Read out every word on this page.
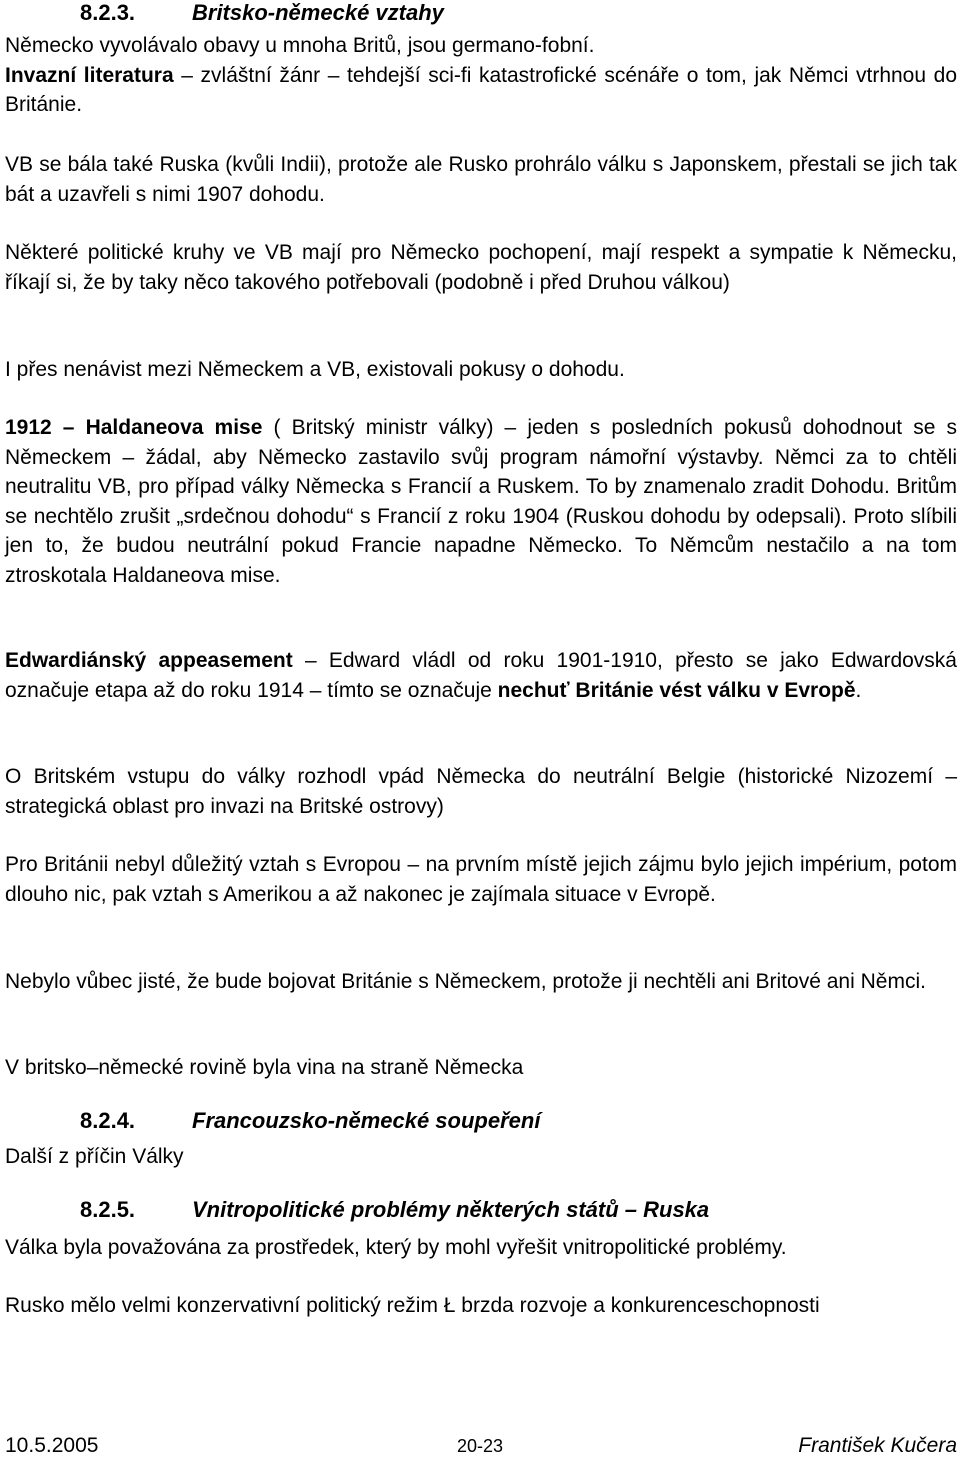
8.2.3.	Britsko-německé vztahy

Německo vyvolávalo obavy u mnoha Britů, jsou germano-fobní.

Invazní literatura – zvláštní žánr – tehdejší sci-fi katastrofické scénáře o tom, jak Němci vtrhnou do Británie.

VB se bála také Ruska (kvůli Indii), protože ale Rusko prohrálo válku s Japonskem, přestali se jich tak bát a uzavřeli s nimi 1907 dohodu.

Některé politické kruhy ve VB mají pro Německo pochopení, mají respekt a sympatie k Německu, říkají si, že by taky něco takového potřebovali (podobně i před Druhou válkou)

I přes nenávist mezi Německem a VB, existovali pokusy o dohodu.

1912 – Haldaneova mise ( Britský ministr války) – jeden s posledních pokusů dohodnout se s Německem – žádal, aby Německo zastavilo svůj program námořní výstavby. Němci za to chtěli neutralitu VB, pro případ války Německa s Francií a Ruskem. To by znamenalo zradit Dohodu. Britům se nechtělo zrušit „srdečnou dohodu“ s Francií z roku 1904 (Ruskou dohodu by odepsali). Proto slíbili jen to, že budou neutrální pokud Francie napadne Německo. To Němcům nestačilo a na tom ztroskotala Haldaneova mise.

Edwardiánský appeasement – Edward vládl od roku 1901-1910, přesto se jako Edwardovská označuje etapa až do roku 1914 – tímto se označuje nechuť Británie vést válku v Evropě.

O Britském vstupu do války rozhodl vpád Německa do neutrální Belgie (historické Nizozemí – strategická oblast pro invazi na Britské ostrovy)

Pro Británii nebyl důležitý vztah s Evropou – na prvním místě jejich zájmu bylo jejich impérium, potom dlouho nic, pak vztah s Amerikou a až nakonec je zajímala situace v Evropě.

Nebylo vůbec jisté, že bude bojovat Británie s Německem, protože ji nechtěli ani Britové ani Němci.

V britsko–německé rovině byla vina na straně Německa

8.2.4.	Francouzsko-německé soupeření

Další z příčin Války

8.2.5.	Vnitropolitické problémy některých států – Ruska

Válka byla považována za prostředek, který by mohl vyřešit vnitropolitické problémy.

Rusko mělo velmi konzervativní politický režim Ł brzda rozvoje a konkurenceschopnosti

10.5.2005	20-23	František Kučera
